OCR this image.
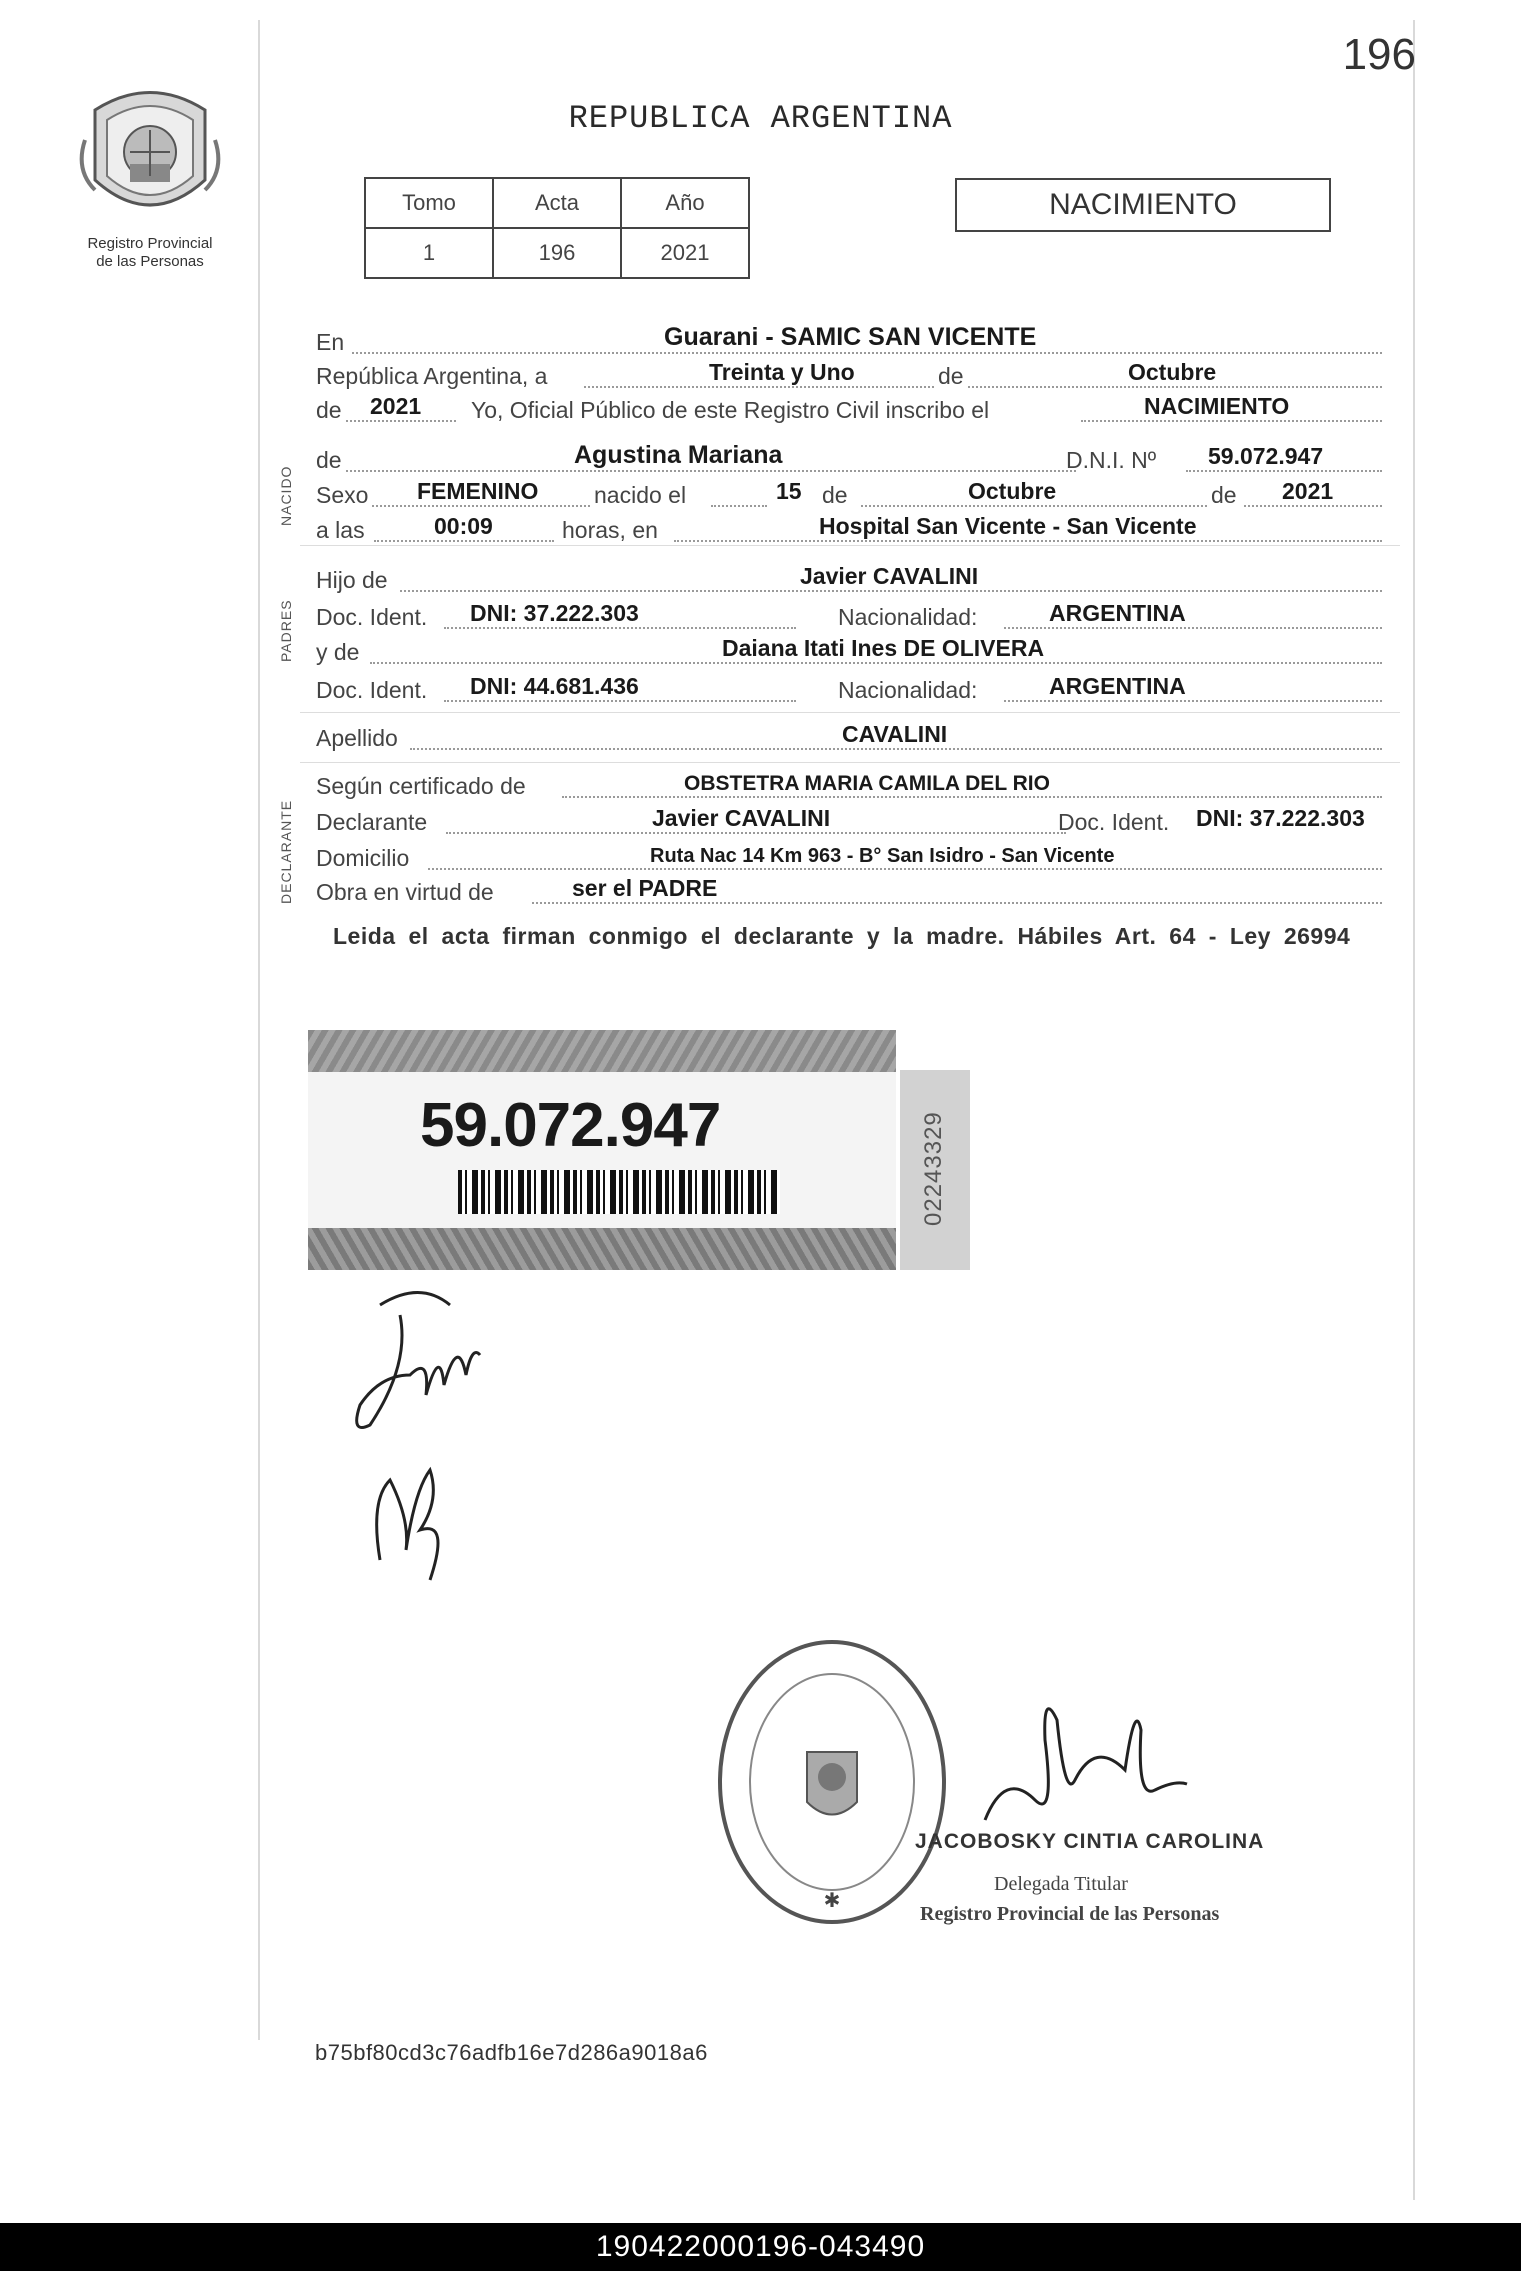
196
Registro Provincial
de las Personas
REPUBLICA ARGENTINA
Tomo	Acta	Año
1	196	2021
NACIMIENTO
En	Guarani - SAMIC SAN VICENTE
República Argentina, a	Treinta y Uno	de	Octubre
de 2021 Yo, Oficial Público de este Registro Civil inscribo el	NACIMIENTO
NACIDO
de	Agustina Mariana	D.N.I. Nº 59.072.947
Sexo FEMENINO nacido el	15 de	Octubre	de 2021
a las	00:09	horas, en	Hospital San Vicente - San Vicente
PADRES
Hijo de	Javier CAVALINI
Doc. Ident. DNI: 37.222.303	Nacionalidad:	ARGENTINA
y de	Daiana Itati Ines DE OLIVERA
Doc. Ident. DNI: 44.681.436	Nacionalidad:	ARGENTINA
Apellido	CAVALINI
DECLARANTE
Según certificado de	OBSTETRA MARIA CAMILA DEL RIO
Declarante	Javier CAVALINI	Doc. Ident. DNI: 37.222.303
Domicilio	Ruta Nac 14 Km 963 - B° San Isidro - San Vicente
Obra en virtud de	ser el PADRE
Leida el acta firman conmigo el declarante y la madre. Hábiles Art. 64 - Ley 26994
59.072.947	02243329
✱
JACOBOSKY CINTIA CAROLINA
Delegada Titular
Registro Provincial de las Personas
b75bf80cd3c76adfb16e7d286a9018a6
190422000196-043490
